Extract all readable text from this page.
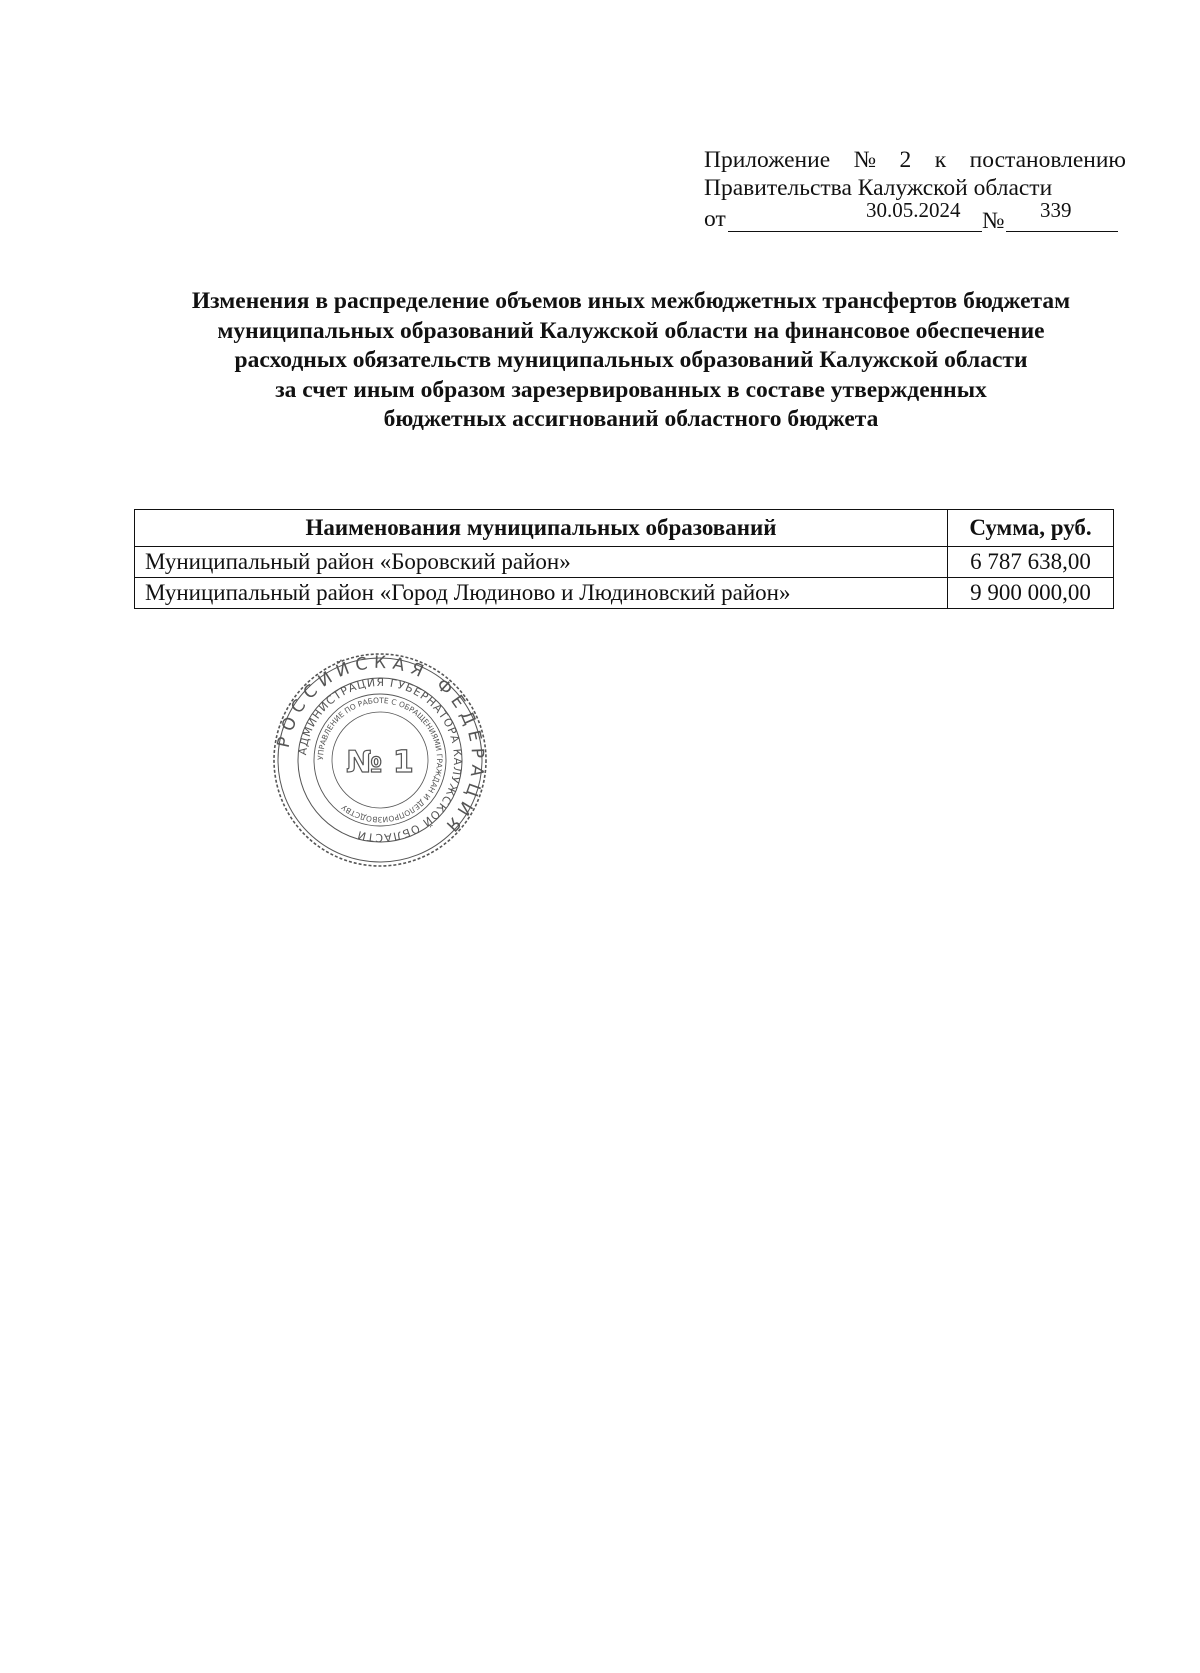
Приложение № 2 к постановлению
Правительства Калужской области
от	30.05.2024 № 339
Изменения в распределение объемов иных межбюджетных трансфертов бюджетам
муниципальных образований Калужской области на финансовое обеспечение
расходных обязательств муниципальных образований Калужской области
за счет иным образом зарезервированных в составе утвержденных
бюджетных ассигнований областного бюджета
Наименования муниципальных образований	Сумма, руб.
Муниципальный район «Боровский район»	6 787 638,00
Муниципальный район «Город Людиново и Людиновский район»	9 900 000,00
РОССИЙСКАЯ ФЕДЕРАЦИЯ
АДМИНИСТРАЦИЯ ГУБЕРНАТОРА КАЛУЖСКОЙ ОБЛАСТИ
УПРАВЛЕНИЕ ПО РАБОТЕ С ОБРАЩЕНИЯМИ ГРАЖДАН И ДЕЛОПРОИЗВОДСТВУ
№ 1
